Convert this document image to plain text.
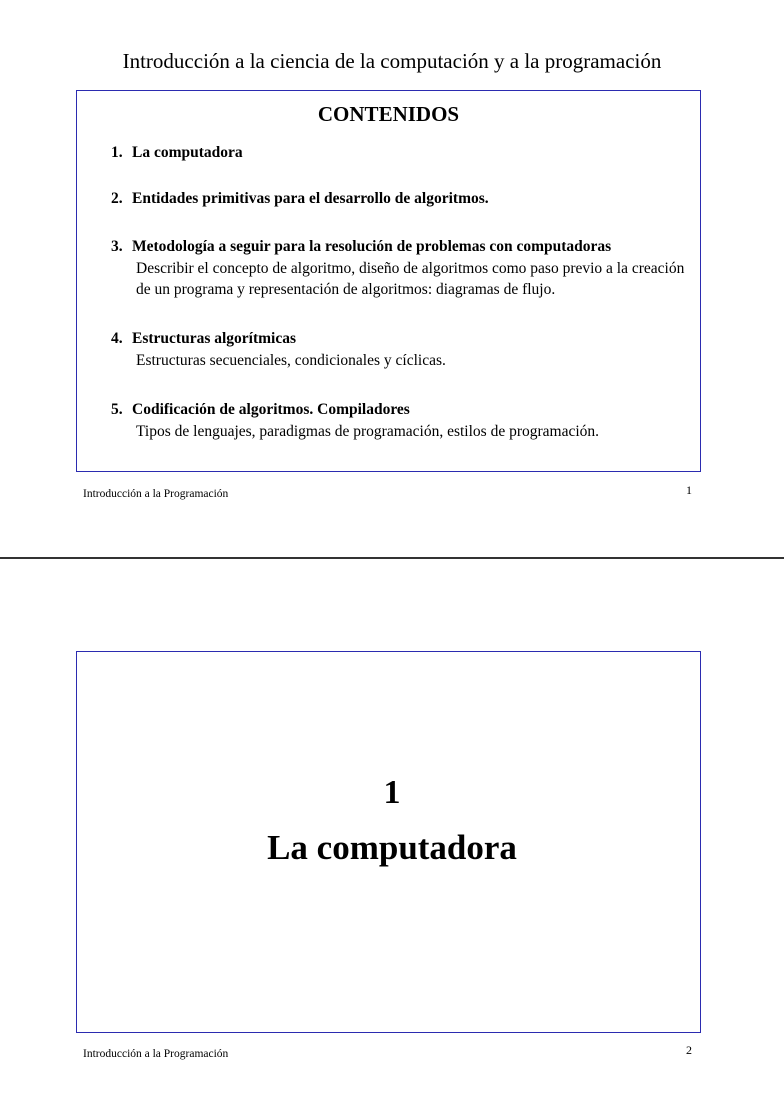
Introducción a la ciencia de la computación y a la programación
CONTENIDOS
1. La computadora
2. Entidades primitivas para el desarrollo de algoritmos.
3. Metodología a seguir para la resolución de problemas con computadoras
Describir el concepto de algoritmo, diseño de algoritmos como paso previo a la creación de un programa y representación de algoritmos: diagramas de flujo.
4. Estructuras algorítmicas
Estructuras secuenciales, condicionales y cíclicas.
5. Codificación de algoritmos. Compiladores
Tipos de lenguajes, paradigmas de programación, estilos de programación.
Introducción a la Programación	1
1
La computadora
Introducción a la Programación	2
